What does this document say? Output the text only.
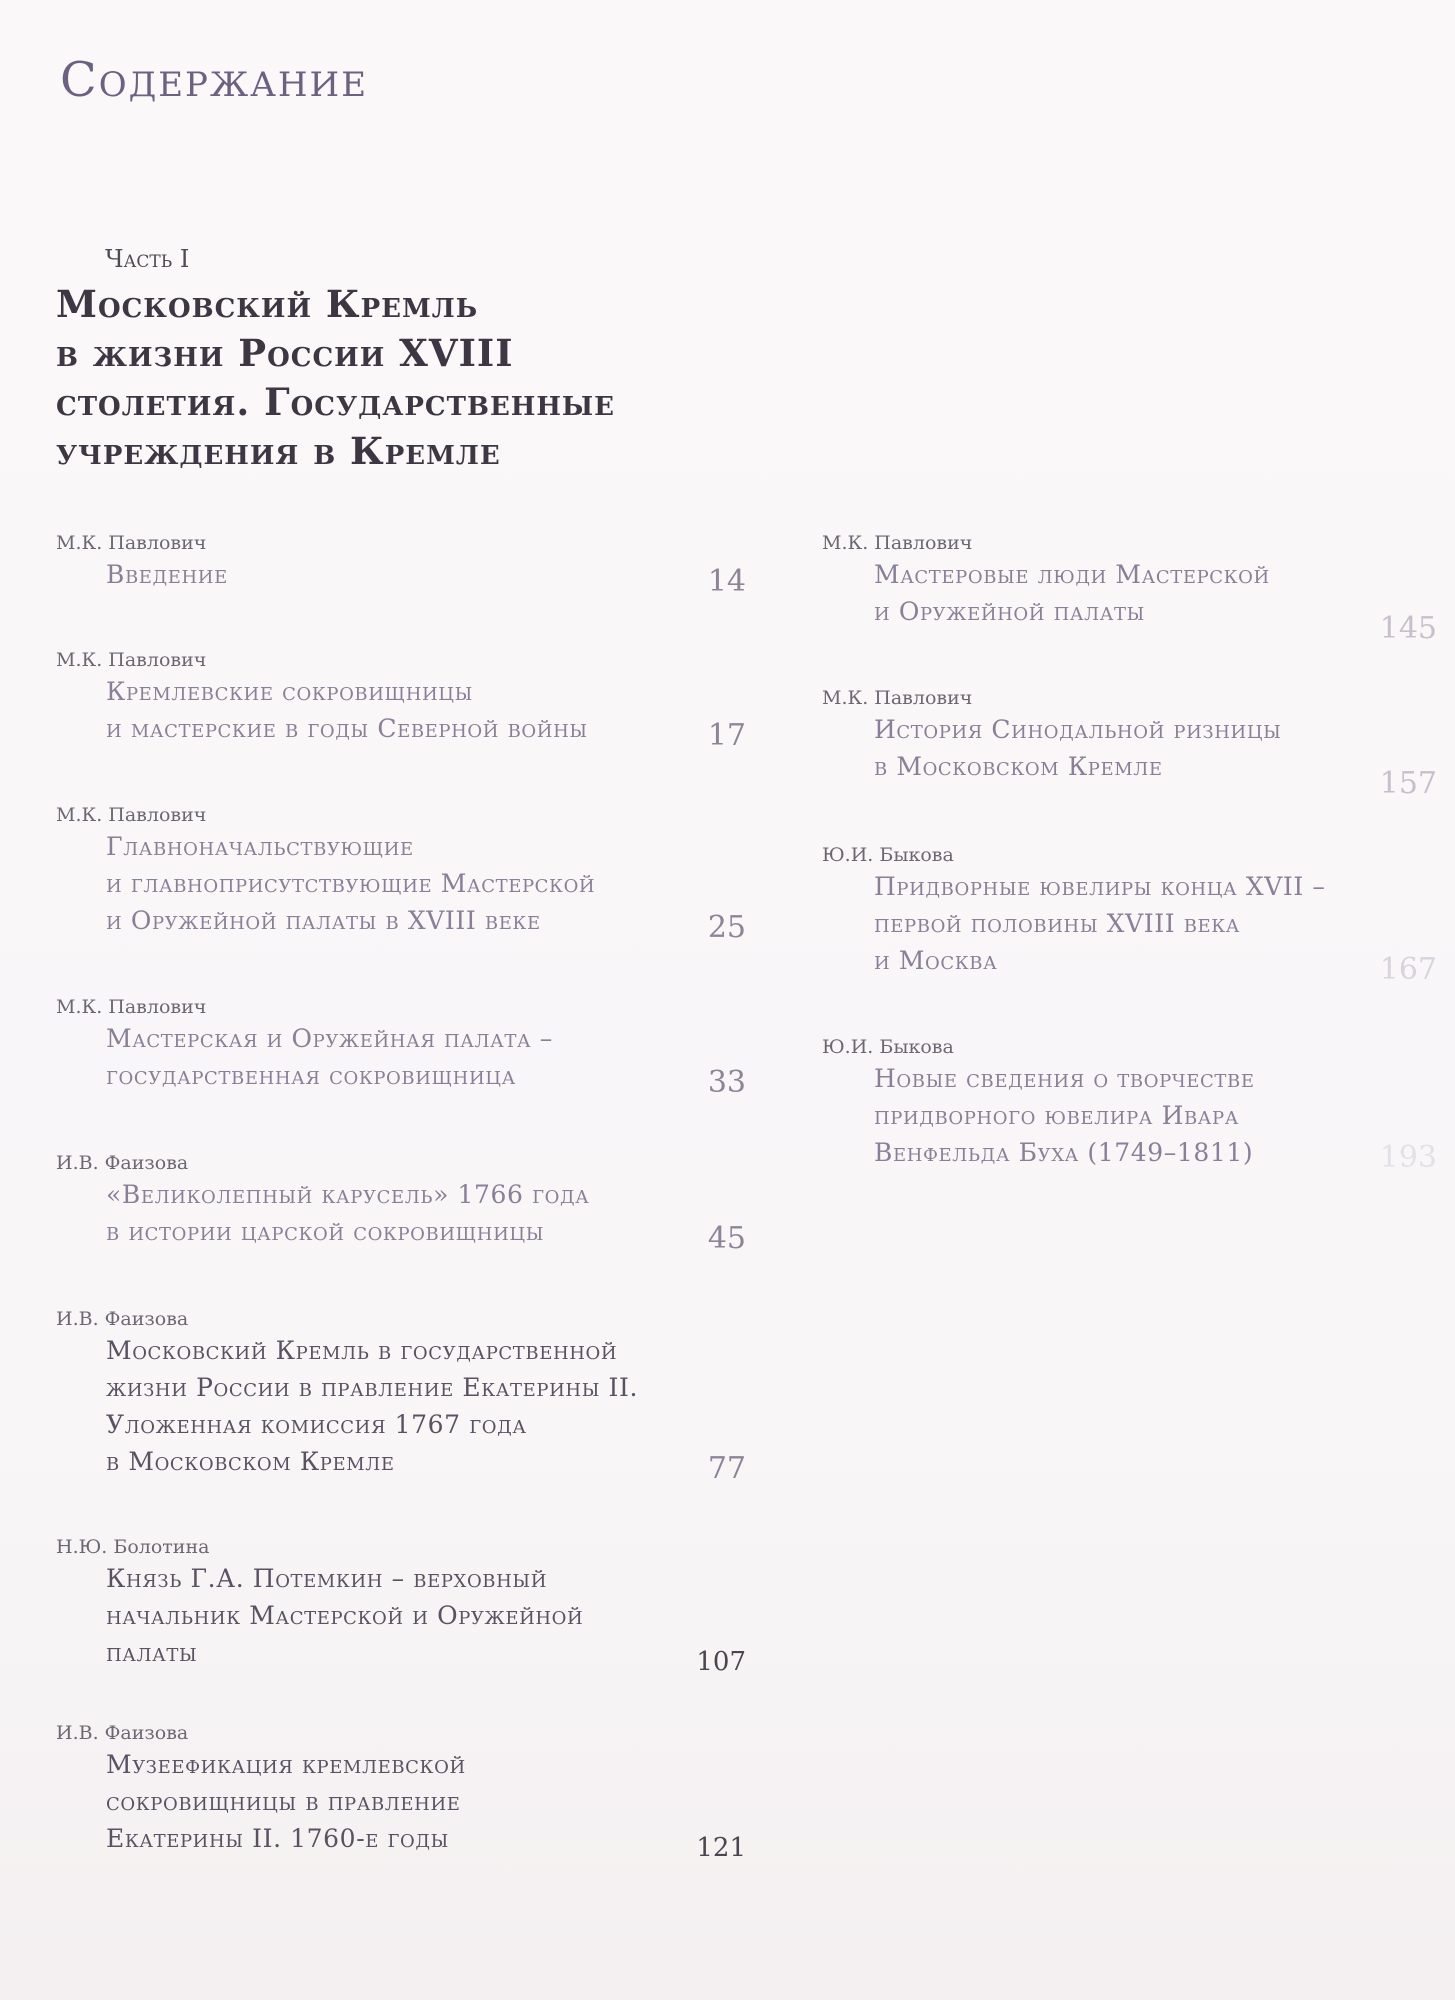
Содержание
Часть I
Московский Кремль
в жизни России XVIII
столетия. Государственные
учреждения в Кремле
М.К. Павлович
Введение	14
М.К. Павлович
Кремлевские сокровищницы
и мастерские в годы Северной войны	17
М.К. Павлович
Главноначальствующие
и главноприсутствующие Мастерской
и Оружейной палаты в XVIII веке	25
М.К. Павлович
Мастерская и Оружейная палата –
государственная сокровищница	33
И.В. Фаизова
«Великолепный карусель» 1766 года
в истории царской сокровищницы	45
И.В. Фаизова
Московский Кремль в государственной
жизни России в правление Екатерины II.
Уложенная комиссия 1767 года
в Московском Кремле	77
Н.Ю. Болотина
Князь Г.А. Потемкин – верховный
начальник Мастерской и Оружейной
палаты	107
И.В. Фаизова
Музеефикация кремлевской
сокровищницы в правление
Екатерины II. 1760-е годы	121
М.К. Павлович
Мастеровые люди Мастерской
и Оружейной палаты	145
М.К. Павлович
История Синодальной ризницы
в Московском Кремле	157
Ю.И. Быкова
Придворные ювелиры конца XVII –
первой половины XVIII века
и Москва	167
Ю.И. Быкова
Новые сведения о творчестве
придворного ювелира Ивара
Венфельда Буха (1749–1811)	193
